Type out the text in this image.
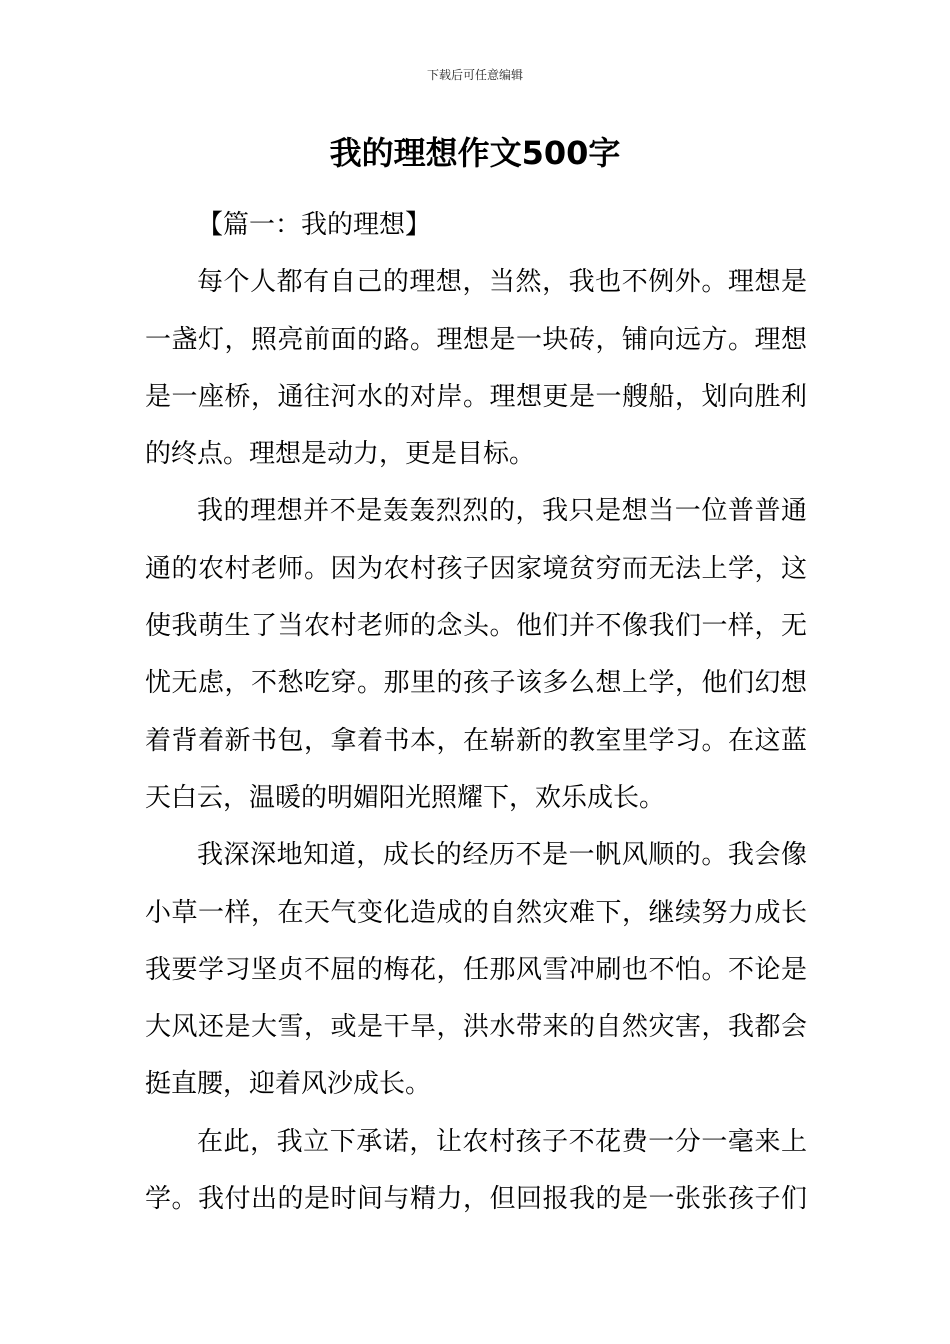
下载后可任意编辑
我的理想作文500字

【篇一：我的理想】

每个人都有自己的理想，当然，我也不例外。理想是
一盏灯，照亮前面的路。理想是一块砖，铺向远方。理想
是一座桥，通往河水的对岸。理想更是一艘船，划向胜利
的终点。理想是动力，更是目标。

我的理想并不是轰轰烈烈的，我只是想当一位普普通
通的农村老师。因为农村孩子因家境贫穷而无法上学，这
使我萌生了当农村老师的念头。他们并不像我们一样，无
忧无虑，不愁吃穿。那里的孩子该多么想上学，他们幻想
着背着新书包，拿着书本，在崭新的教室里学习。在这蓝
天白云，温暖的明媚阳光照耀下，欢乐成长。

我深深地知道，成长的经历不是一帆风顺的。我会像
小草一样，在天气变化造成的自然灾难下，继续努力成长
我要学习坚贞不屈的梅花，任那风雪冲刷也不怕。不论是
大风还是大雪，或是干旱，洪水带来的自然灾害，我都会
挺直腰，迎着风沙成长。

在此，我立下承诺，让农村孩子不花费一分一毫来上
学。我付出的是时间与精力，但回报我的是一张张孩子们
